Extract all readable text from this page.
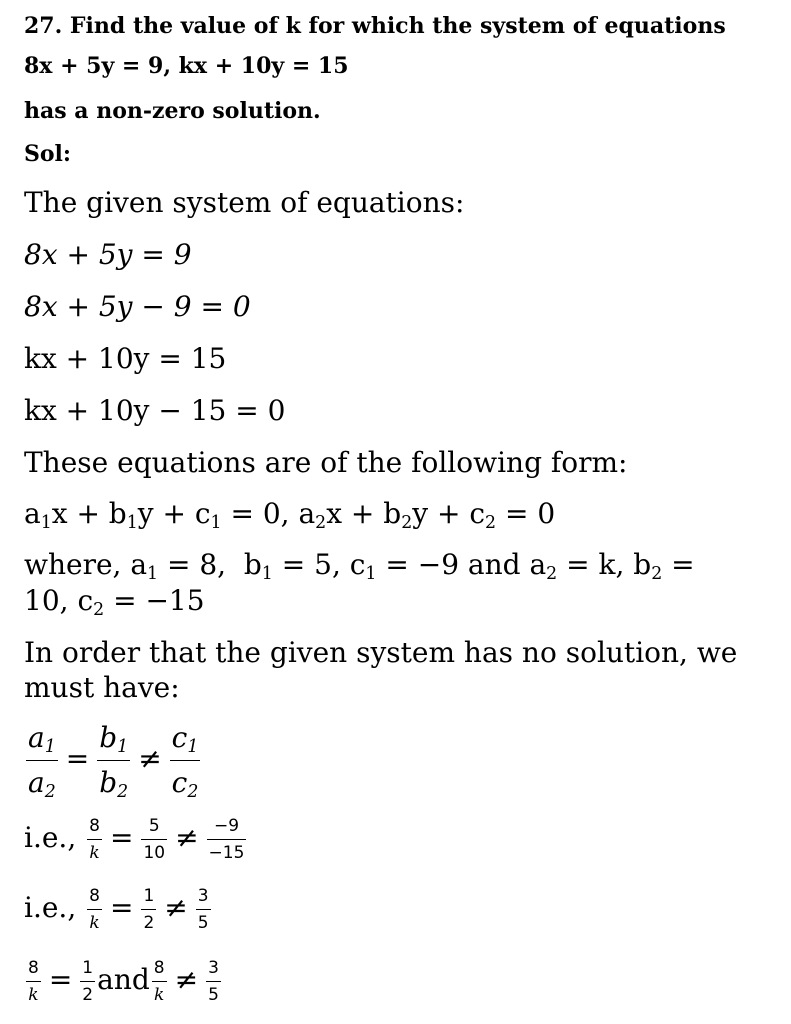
27. Find the value of k for which the system of equations
8x + 5y = 9, kx + 10y = 15
has a non-zero solution.
Sol:
The given system of equations:
8x + 5y = 9
8x + 5y − 9 = 0
kx + 10y = 15
kx + 10y − 15 = 0
These equations are of the following form:
$a_1x + b_1y + c_1 = 0$, $a_2x + b_2y + c_2 = 0$
where, $a_1 = 8$,  $b_1 = 5$, $c_1 = -9$ and $a_2 = k$, $b_2$ =
10, $c_2 = -15$
In order that the given system has no solution, we
must have:
$\frac{a_1}{a_2} = \frac{b_1}{b_2} \ne \frac{c_1}{c_2}$
i.e., $\frac{8}{k} = \frac{5}{10} \ne \frac{-9}{-15}$
i.e., $\frac{8}{k} = \frac{1}{2} \ne \frac{3}{5}$
$\frac{8}{k} = \frac{1}{2}$ and $\frac{8}{k} \ne \frac{3}{5}$
